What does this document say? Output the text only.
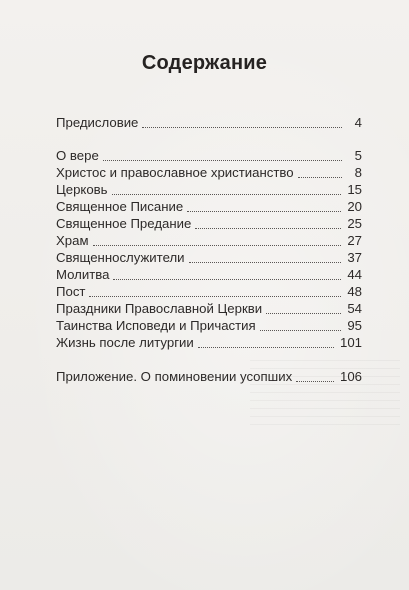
Содержание
Предисловие	4
О вере	5
Христос и православное христианство	8
Церковь	15
Священное Писание	20
Священное Предание	25
Храм	27
Священнослужители	37
Молитва	44
Пост	48
Праздники Православной Церкви	54
Таинства Исповеди и Причастия	95
Жизнь после литургии	101
Приложение. О поминовении усопших	106
